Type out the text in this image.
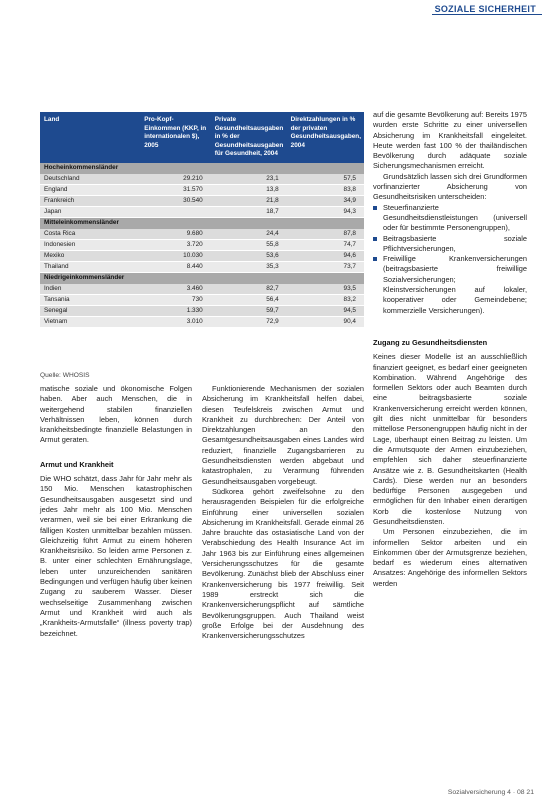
SOZIALE SICHERHEIT
Land	Pro-Kopf-Einkommen (KKP, in internationalen $), 2005	Private Gesundheitsausgaben in % der Gesundheitsausgaben für Gesundheit, 2004	Direktzahlungen in % der privaten Gesundheitsausgaben, 2004
Hocheinkommensländer			
Deutschland	29.210	23,1	57,5
England	31.570	13,8	83,8
Frankreich	30.540	21,8	34,9
Japan		18,7	94,3
Mitteleinkommensländer			
Costa Rica	9.680	24,4	87,8
Indonesien	3.720	55,8	74,7
Mexiko	10.030	53,6	94,6
Thailand	8.440	35,3	73,7
Niedrigeinkommensländer			
Indien	3.460	82,7	93,5
Tansania	730	56,4	83,2
Senegal	1.330	59,7	94,5
Vietnam	3.010	72,9	90,4
Quelle: WHOSIS

matische soziale und ökonomische Folgen haben. Aber auch Menschen, die in weitergehend stabilen finanziellen Verhältnissen leben, können durch krankheitsbedingte finanzielle Belastungen in Armut geraten.

Armut und Krankheit

Die WHO schätzt, dass Jahr für Jahr mehr als 150 Mio. Menschen katastrophischen Gesundheitsausgaben ausgesetzt sind und jedes Jahr mehr als 100 Mio. Menschen verarmen, weil sie bei einer Erkrankung die fälligen Kosten unmittelbar bezahlen müssen. Gleichzeitig führt Armut zu einem höheren Krankheitsrisiko. So leiden arme Personen z. B. unter einer schlechten Ernährungslage, leben unter unzureichenden sanitären Bedingungen und verfügen häufig über keinen Zugang zu sauberem Wasser. Dieser wechselseitige Zusammenhang zwischen Armut und Krankheit wird auch als „Krankheits-Armutsfalle“ (illness poverty trap) bezeichnet.

Funktionierende Mechanismen der sozialen Absicherung im Krankheitsfall helfen dabei, diesen Teufelskreis zwischen Armut und Krankheit zu durchbrechen: Der Anteil von Direktzahlungen an den Gesamtgesundheitsausgaben eines Landes wird reduziert, finanzielle Zugangsbarrieren zu Gesundheitsdiensten werden abgebaut und katastrophalen, zu Verarmung führenden Gesundheitsausgaben vorgebeugt.

Südkorea gehört zweifelsohne zu den herausragenden Beispielen für die erfolgreiche Einführung einer universellen sozialen Absicherung im Krankheitsfall. Gerade einmal 26 Jahre brauchte das ostasiatische Land von der Verabschiedung des Health Insurance Act im Jahr 1963 bis zur Einführung eines allgemeinen Versicherungsschutzes für die gesamte Bevölkerung. Zunächst blieb der Abschluss einer Krankenversicherung bis 1977 freiwillig. Seit 1989 erstreckt sich die Krankenversicherungspflicht auf sämtliche Bevölkerungsgruppen. Auch Thailand weist große Erfolge bei der Ausdehnung des Krankenversicherungsschutzes

auf die gesamte Bevölkerung auf: Bereits 1975 wurden erste Schritte zu einer universellen Absicherung im Krankheitsfall eingeleitet. Heute werden fast 100 % der thailändischen Bevölkerung durch adäquate soziale Sicherungsmechanismen erreicht.

Grundsätzlich lassen sich drei Grundformen vorfinanzierter Absicherung von Gesundheitsrisiken unterscheiden:

Steuerfinanzierte Gesundheitsdienstleistungen (universell oder für bestimmte Personengruppen),
Beitragsbasierte soziale Pflichtversicherungen,
Freiwillige Krankenversicherungen (beitragsbasierte freiwillige Sozialversicherungen; Kleinstversicherungen auf lokaler, kooperativer oder Gemeindebene; kommerzielle Versicherungen).

Zugang zu Gesundheitsdiensten

Keines dieser Modelle ist an ausschließlich finanziert geeignet, es bedarf einer geeigneten Kombination. Während Angehörige des formellen Sektors oder auch Beamten durch eine beitragsbasierte soziale Krankenversicherung erreicht werden können, gilt dies nicht unmittelbar für besonders mittellose Personengruppen häufig nicht in der Lage, überhaupt einen Beitrag zu leisten. Um die Armutsquote der Armen einzubeziehen, empfehlen sich daher steuerfinanzierte Ansätze wie z. B. Gesundheitskarten (Health Cards). Diese werden nur an besonders bedürftige Personen ausgegeben und ermöglichen für den Inhaber einen derartigen Korb die kostenlose Nutzung von Gesundheitsdiensten.

Um Personen einzubeziehen, die im informellen Sektor arbeiten und ein Einkommen über der Armutsgrenze beziehen, bedarf es wiederum eines alternativen Ansatzes: Angehörige des informellen Sektors werden

Sozialversicherung 4 · 08 21
